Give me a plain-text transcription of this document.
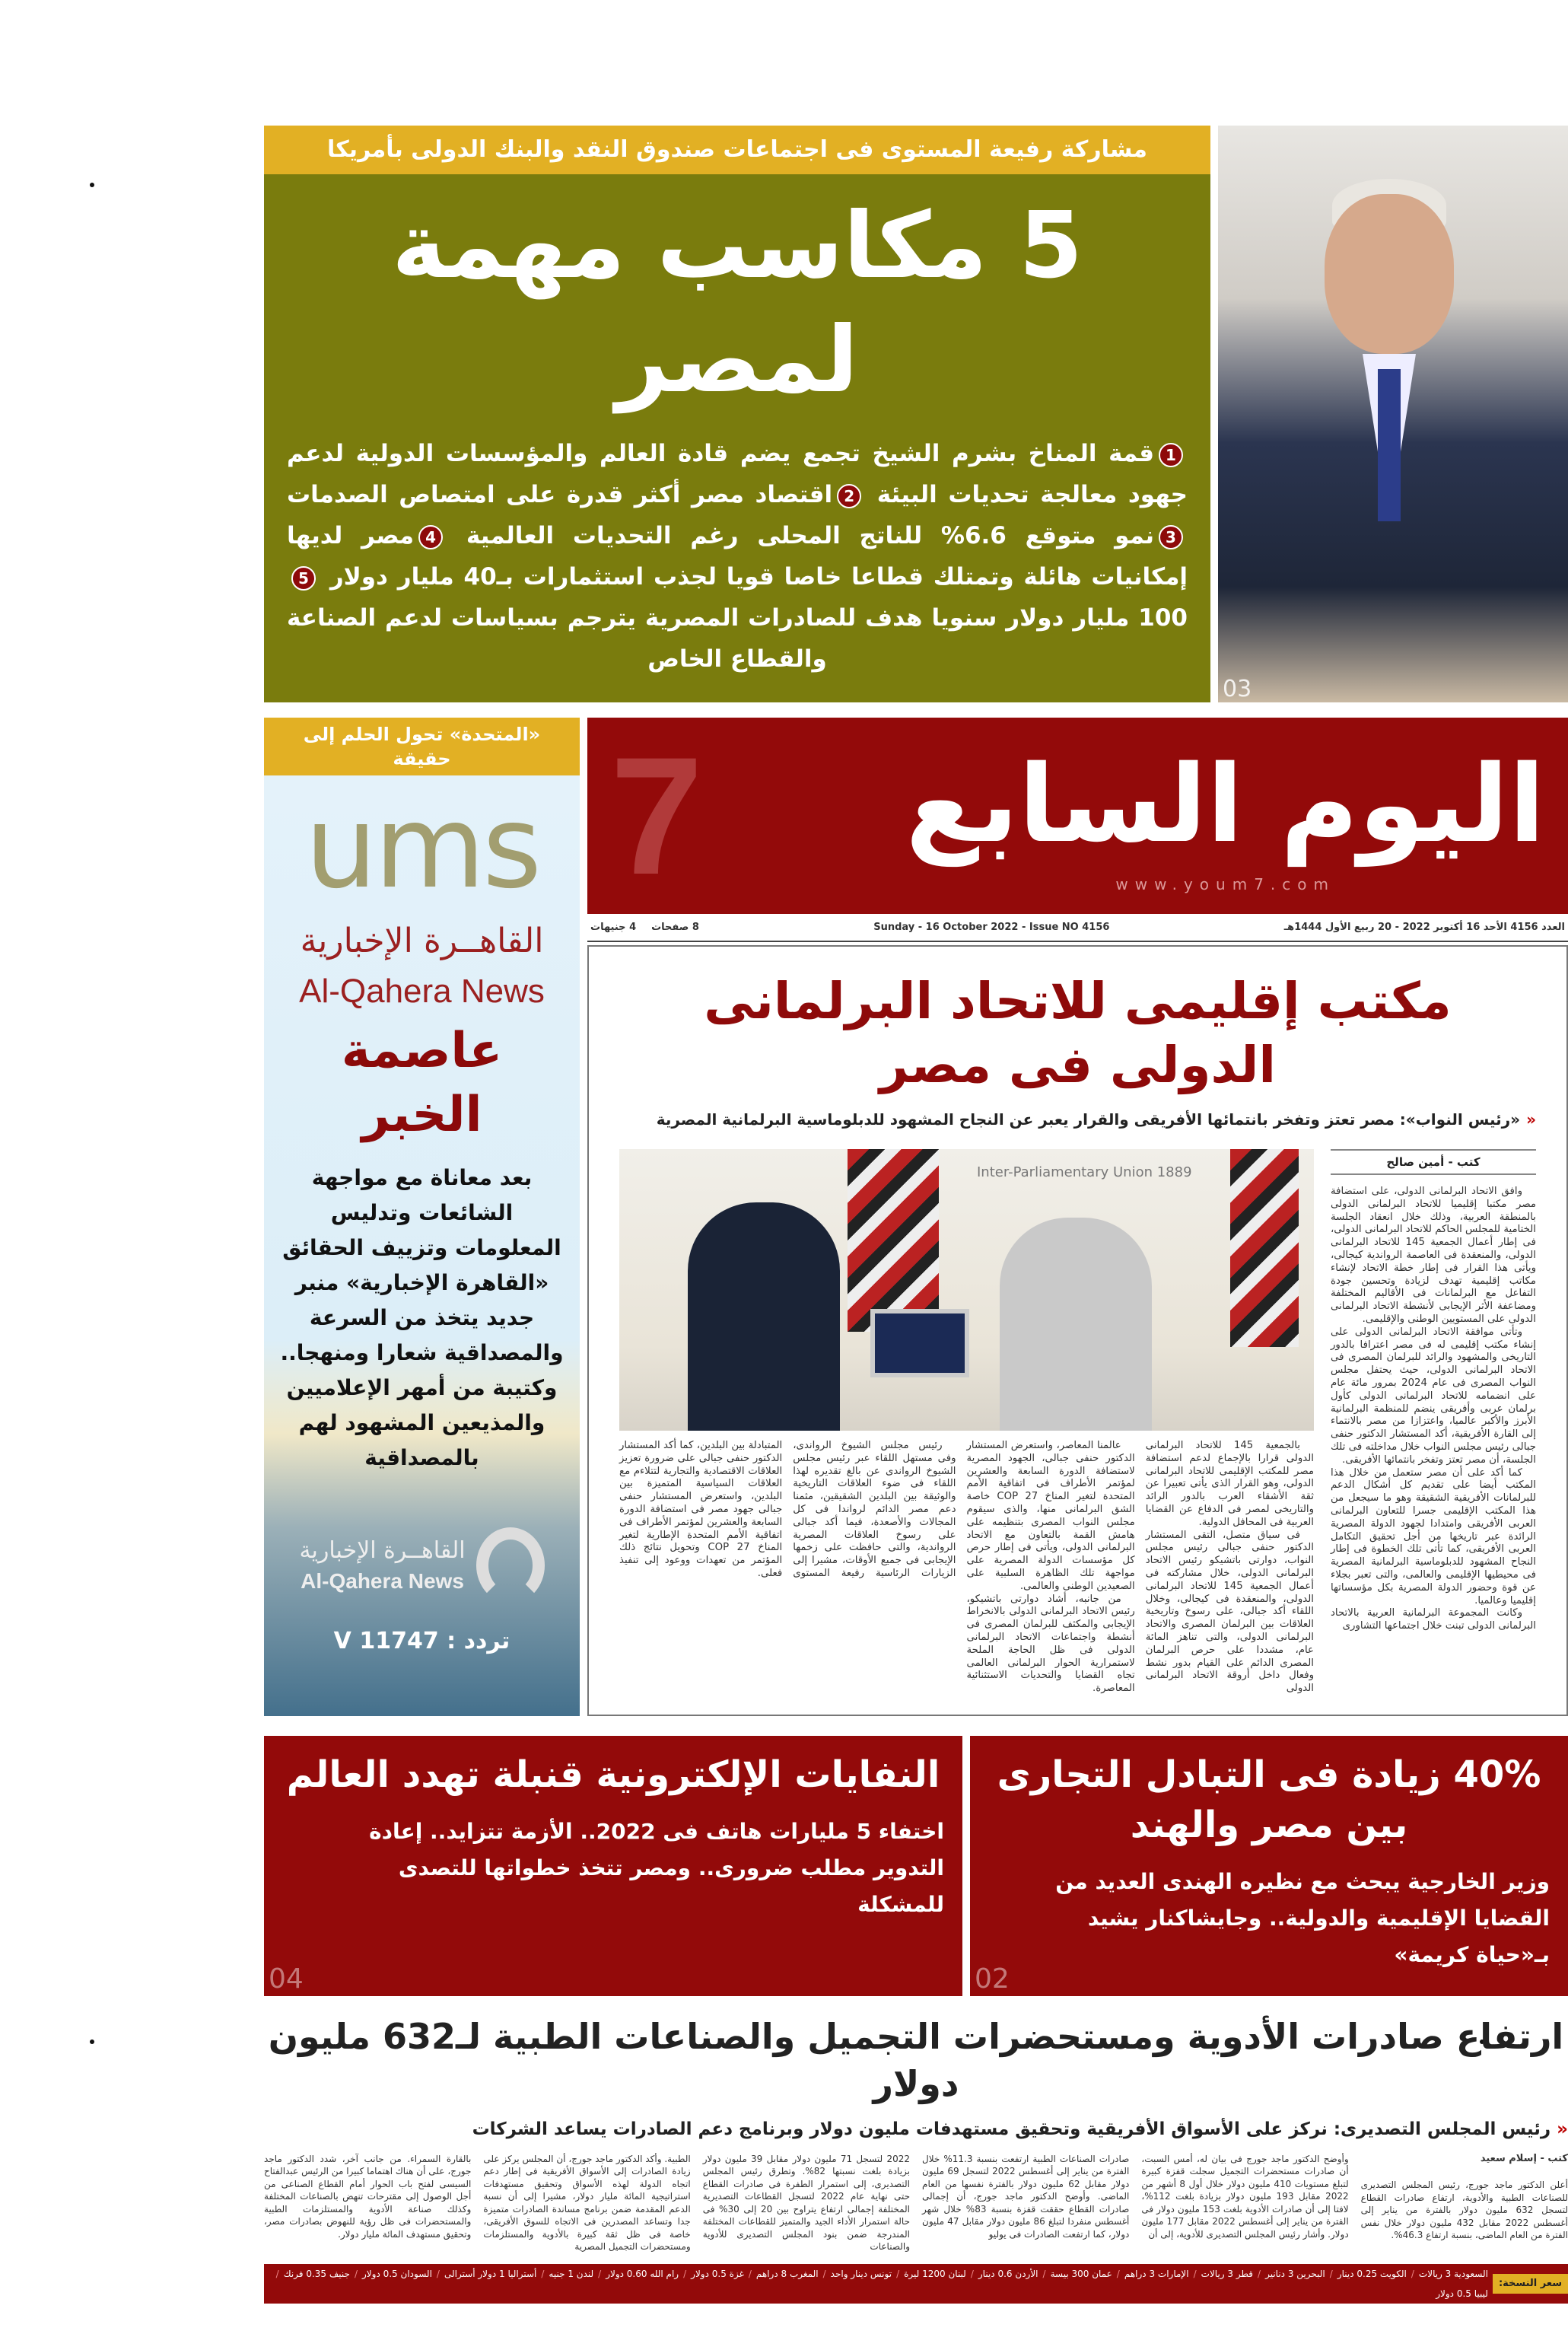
03
مشاركة رفيعة المستوى فى اجتماعات صندوق النقد والبنك الدولى بأمريكا
5 مكاسب مهمة لمصر
1قمة المناخ بشرم الشيخ تجمع يضم قادة العالم والمؤسسات الدولية لدعم جهود معالجة تحديات البيئة 2اقتصاد مصر أكثر قدرة على امتصاص الصدمات 3نمو متوقع 6.6% للناتج المحلى رغم التحديات العالمية 4مصر لديها إمكانيات هائلة وتمتلك قطاعا خاصا قويا لجذب استثمارات بـ40 مليار دولار 5100 مليار دولار سنويا هدف للصادرات المصرية يترجم بسياسات لدعم الصناعة والقطاع الخاص
اليوم السابع
www.youm7.com
7
العدد 4156 الأحد 16 أكتوبر 2022 - 20 ربيع الأول 1444هـ
Sunday - 16 October 2022 - Issue NO 4156
8 صفحات
4 جنيهات
مكتب إقليمى للاتحاد البرلمانى الدولى فى مصر
««رئيس النواب»: مصر تعتز وتفخر بانتمائها الأفريقى والقرار يعبر عن النجاح المشهود للدبلوماسية البرلمانية المصرية
كتب - أمين صالح

وافق الاتحاد البرلمانى الدولى، على استضافة مصر مكتبا إقليميا للاتحاد البرلمانى الدولى بالمنطقة العربية، وذلك خلال انعقاد الجلسة الختامية للمجلس الحاكم للاتحاد البرلمانى الدولى، فى إطار أعمال الجمعية 145 للاتحاد البرلمانى الدولى، والمنعقدة فى العاصمة الرواندية كيجالى، ويأتى هذا القرار فى إطار خطة الاتحاد لإنشاء مكاتب إقليمية تهدف لزيادة وتحسين جودة التفاعل مع البرلمانات فى الأقاليم المختلفة ومضاعفة الأثر الإيجابى لأنشطة الاتحاد البرلمانى الدولى على المستويين الوطنى والإقليمى.

وتأتى موافقة الاتحاد البرلمانى الدولى على إنشاء مكتب إقليمى له فى مصر اعترافا بالدور التاريخى والمشهود والرائد للبرلمان المصرى فى الاتحاد البرلمانى الدولى، حيث يحتفل مجلس النواب المصرى فى عام 2024 بمرور مائة عام على انضمامه للاتحاد البرلمانى الدولى كأول برلمان عربى وأفريقى ينضم للمنظمة البرلمانية الأبرز والأكبر عالميا، واعتزازا من مصر بالانتماء إلى القارة الأفريقية، أكد المستشار الدكتور حنفى جبالى رئيس مجلس النواب خلال مداخلته فى تلك الجلسة، أن مصر تعتز وتفخر بانتمائها الأفريقى.

كما أكد على أن مصر ستعمل من خلال هذا المكتب أيضا على تقديم كل أشكال الدعم للبرلمانات الأفريقية الشقيقة وهو ما سيجعل من هذا المكتب الإقليمى جسرا للتعاون البرلمانى العربى الأفريقى وامتدادا لجهود الدولة المصرية الرائدة عبر تاريخها من أجل تحقيق التكامل العربى الأفريقى، كما تأتى تلك الخطوة فى إطار النجاح المشهود للدبلوماسية البرلمانية المصرية فى محيطيها الإقليمى والعالمى، والتى تعبر بجلاء عن قوة وحضور الدولة المصرية بكل مؤسساتها إقليميا وعالميا.

وكانت المجموعة البرلمانية العربية بالاتحاد البرلمانى الدولى تبنت خلال اجتماعها التشاورى

Inter-Parliamentary Union 1889

بالجمعية 145 للاتحاد البرلمانى الدولى قرارا بالإجماع لدعم استضافة مصر للمكتب الإقليمى للاتحاد البرلمانى الدولى، وهو القرار الذى يأتى تعبيرا عن ثقة الأشقاء العرب بالدور الرائد والتاريخى لمصر فى الدفاع عن القضايا العربية فى المحافل الدولية.

فى سياق متصل، التقى المستشار الدكتور حنفى جبالى رئيس مجلس النواب، دوارتى باتشيكو رئيس الاتحاد البرلمانى الدولى، خلال مشاركته فى أعمال الجمعية 145 للاتحاد البرلمانى الدولى، والمنعقدة فى كيجالى، وخلال اللقاء أكد جبالى، على رسوخ وتاريخية العلاقات بين البرلمان المصرى والاتحاد البرلمانى الدولى، والتى تناهز المائة عام، مشددا على حرص البرلمان المصرى الدائم على القيام بدور نشط وفعال داخل أروقة الاتحاد البرلمانى الدولى

عالمنا المعاصر، واستعرض المستشار الدكتور حنفى جبالى، الجهود المصرية لاستضافة الدورة السابعة والعشرين لمؤتمر الأطراف فى اتفاقية الأمم المتحدة لتغير المناخ COP 27 خاصة الشق البرلمانى منها، والذى سيقوم مجلس النواب المصرى بتنظيمه على هامش القمة بالتعاون مع الاتحاد البرلمانى الدولى، ويأتى فى إطار حرص كل مؤسسات الدولة المصرية على مواجهة تلك الظاهرة السلبية على الصعيدين الوطنى والعالمى.

من جانبه، أشاد دوارتى باتشيكو، رئيس الاتحاد البرلمانى الدولى بالانخراط الإيجابى والمكثف للبرلمان المصرى فى أنشطة واجتماعات الاتحاد البرلمانى الدولى فى ظل الحاجة الملحة لاستمرارية الحوار البرلمانى العالمى تجاه القضايا والتحديات الاستثنائية المعاصرة.

رئيس مجلس الشيوخ الرواندى، وفى مستهل اللقاء عبر رئيس مجلس الشيوخ الرواندى عن بالغ تقديره لهذا اللقاء فى ضوء العلاقات التاريخية والوثيقة بين البلدين الشقيقين، مثمنا دعم مصر الدائم لرواندا فى كل المجالات والأصعدة، فيما أكد جبالى على رسوخ العلاقات المصرية الرواندية، والتى حافظت على زخمها الإيجابى فى جميع الأوقات، مشيرا إلى الزيارات الرئاسية رفيعة المستوى المتبادلة بين البلدين، كما أكد المستشار الدكتور حنفى جبالى على ضرورة تعزيز العلاقات الاقتصادية والتجارية لتتلاءم مع العلاقات السياسية المتميزة بين البلدين، واستعرض المستشار حنفى جبالى جهود مصر فى استضافة الدورة السابعة والعشرين لمؤتمر الأطراف فى اتفاقية الأمم المتحدة الإطارية لتغير المناخ COP 27 وتحويل نتائج ذلك المؤتمر من تعهدات ووعود إلى تنفيذ فعلى.

«المتحدة» تحول الحلم إلى حقيقة
ums
القاهــرة الإخبارية
Al-Qahera News
عاصمة الخبر
بعد معاناة مع مواجهة الشائعات وتدليس المعلومات وتزييف الحقائق «القاهرة الإخبارية» منبر جديد يتخذ من السرعة والمصداقية شعارا ومنهجا.. وكتيبة من أمهر الإعلاميين والمذيعين المشهود لهم بالمصداقية
القاهــرة الإخبارية
Al-Qahera News
تردد : 11747 V
40% زيادة فى التبادل التجارى بين مصر والهند
وزير الخارجية يبحث مع نظيره الهندى العديد من القضايا الإقليمية والدولية.. وجايشاكنار يشيد بـ«حياة كريمة»
02
النفايات الإلكترونية قنبلة تهدد العالم
اختفاء 5 مليارات هاتف فى 2022.. الأزمة تتزايد.. إعادة التدوير مطلب ضرورى.. ومصر تتخذ خطواتها للتصدى للمشكلة
04
ارتفاع صادرات الأدوية ومستحضرات التجميل والصناعات الطبية لـ632 مليون دولار
«رئيس المجلس التصديرى: نركز على الأسواق الأفريقية وتحقيق مستهدفات مليون دولار وبرنامج دعم الصادرات يساعد الشركات
كتب - إسلام سعيد
أعلن الدكتور ماجد جورج، رئيس المجلس التصديرى للصناعات الطبية والأدوية، ارتفاع صادرات القطاع لتسجل 632 مليون دولار بالفترة من يناير إلى أغسطس 2022 مقابل 432 مليون دولار خلال نفس الفترة من العام الماضى، بنسبة ارتفاع 46.3%.
وأوضح الدكتور ماجد جورج فى بيان له، أمس السبت، أن صادرات مستحضرات التجميل سجلت قفزة كبيرة لتبلغ مستويات 410 مليون دولار خلال أول 8 أشهر من 2022 مقابل 193 مليون دولار بزيادة بلغت 112%، لافتا إلى أن صادرات الأدوية بلغت 153 مليون دولار فى الفترة من يناير إلى أغسطس 2022 مقابل 177 مليون دولار. وأشار رئيس المجلس التصديرى للأدوية، إلى أن
صادرات الصناعات الطبية ارتفعت بنسبة 11.3% خلال الفترة من يناير إلى أغسطس 2022 لتسجل 69 مليون دولار مقابل 62 مليون دولار بالفترة نفسها من العام الماضى. وأوضح الدكتور ماجد جورج، أن إجمالى صادرات القطاع حققت قفزة بنسبة 83% خلال شهر أغسطس منفردا لتبلغ 86 مليون دولار مقابل 47 مليون دولار، كما ارتفعت الصادرات فى يوليو
2022 لتسجل 71 مليون دولار مقابل 39 مليون دولار بزيادة بلغت نسبتها 82%. وتطرق رئيس المجلس التصديرى، إلى استمرار الطفرة فى صادرات القطاع حتى نهاية عام 2022 لتسجل القطاعات التصديرية المختلفة إجمالى ارتفاع يتراوح بين 20 إلى 30% فى حالة استمرار الأداء الجيد والمتميز للقطاعات المختلفة المندرجة ضمن بنود المجلس التصديرى للأدوية والصناعات
الطبية. وأكد الدكتور ماجد جورج، أن المجلس يركز على زيادة الصادرات إلى الأسواق الأفريقية فى إطار دعم اتجاه الدولة لهذه الأسواق وتحقيق مستهدفات استراتيجية المائة مليار دولار، مشيرا إلى أن نسبة الدعم المقدمة ضمن برنامج مساندة الصادرات متميزة جدا وتساعد المصدرين فى الاتجاه للسوق الأفريقى، خاصة فى ظل ثقة كبيرة بالأدوية والمستلزمات ومستحضرات التجميل المصرية
بالقارة السمراء. من جانب آخر، شدد الدكتور ماجد جورج، على أن هناك اهتماما كبيرا من الرئيس عبدالفتاح السيسى لفتح باب الحوار أمام القطاع الصناعى من أجل الوصول إلى مقترحات تنهض بالصناعات المختلفة وكذلك صناعة الأدوية والمستلزمات الطبية والمستحضرات فى ظل رؤية للنهوض بصادرات مصر، وتحقيق مستهدف المائة مليار دولار.
سعر النسخة:
السعودية 3 ريالات
/
الكويت 0.25 دينار
/
البحرين 3 دنانير
/
قطر 3 ريالات
/
الإمارات 3 دراهم
/
عمان 300 بيسة
/
الأردن 0.6 دينار
/
لبنان 1200 ليرة
/
تونس دينار واحد
/
المغرب 8 دراهم
/
غزة 0.5 دولار
/
رام الله 0.60 دولار
/
لندن 1 جنيه
/
أستراليا 1 دولار أسترالى
/
السودان 0.5 دولار
/
جنيف 0.35 فرنك
/
ليبيا 0.5 دولار
